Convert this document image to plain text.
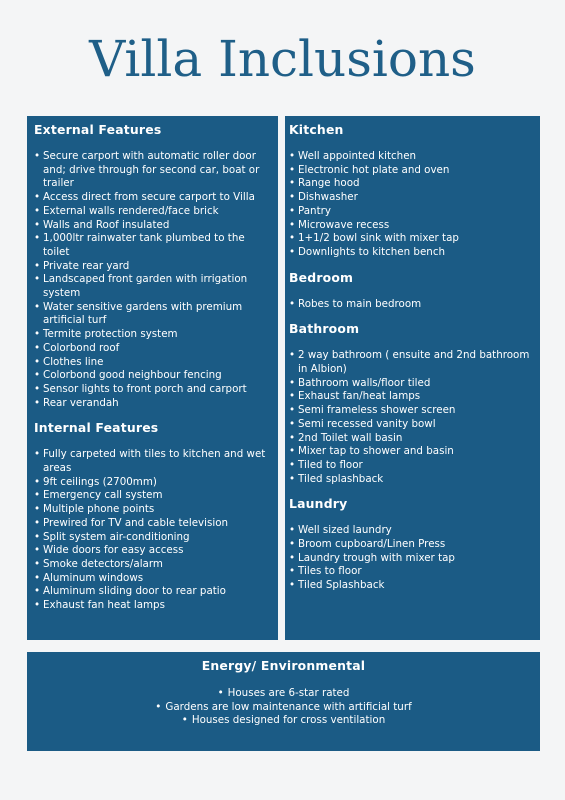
Villa Inclusions
External Features
• Secure carport with automatic roller door and; drive through for second car, boat or trailer
• Access direct from secure carport to Villa
• External walls rendered/face brick
• Walls and Roof insulated
• 1,000ltr rainwater tank plumbed to the toilet
• Private rear yard
• Landscaped front garden with irrigation system
• Water sensitive gardens with premium artificial turf
• Termite protection system
• Colorbond roof
• Clothes line
• Colorbond good neighbour fencing
• Sensor lights to front porch and carport
• Rear verandah
Internal Features
• Fully carpeted with tiles to kitchen and wet areas
• 9ft ceilings (2700mm)
• Emergency call system
• Multiple phone points
• Prewired for TV and cable television
• Split system air-conditioning
• Wide doors for easy access
• Smoke detectors/alarm
• Aluminum windows
• Aluminum sliding door to rear patio
• Exhaust fan heat lamps
Kitchen
• Well appointed kitchen
• Electronic hot plate and oven
• Range hood
• Dishwasher
• Pantry
• Microwave recess
• 1+1/2 bowl sink with mixer tap
• Downlights to kitchen bench
Bedroom
• Robes to main bedroom
Bathroom
• 2 way bathroom ( ensuite and 2nd bathroom in Albion)
• Bathroom walls/floor tiled
• Exhaust fan/heat lamps
• Semi frameless shower screen
• Semi recessed vanity bowl
• 2nd Toilet wall basin
• Mixer tap to shower and basin
• Tiled to floor
• Tiled splashback
Laundry
• Well sized laundry
• Broom cupboard/Linen Press
• Laundry trough with mixer tap
• Tiles to floor
• Tiled Splashback
Energy/ Environmental
• Houses are 6-star rated
• Gardens are low maintenance with artificial turf
• Houses designed for cross ventilation
